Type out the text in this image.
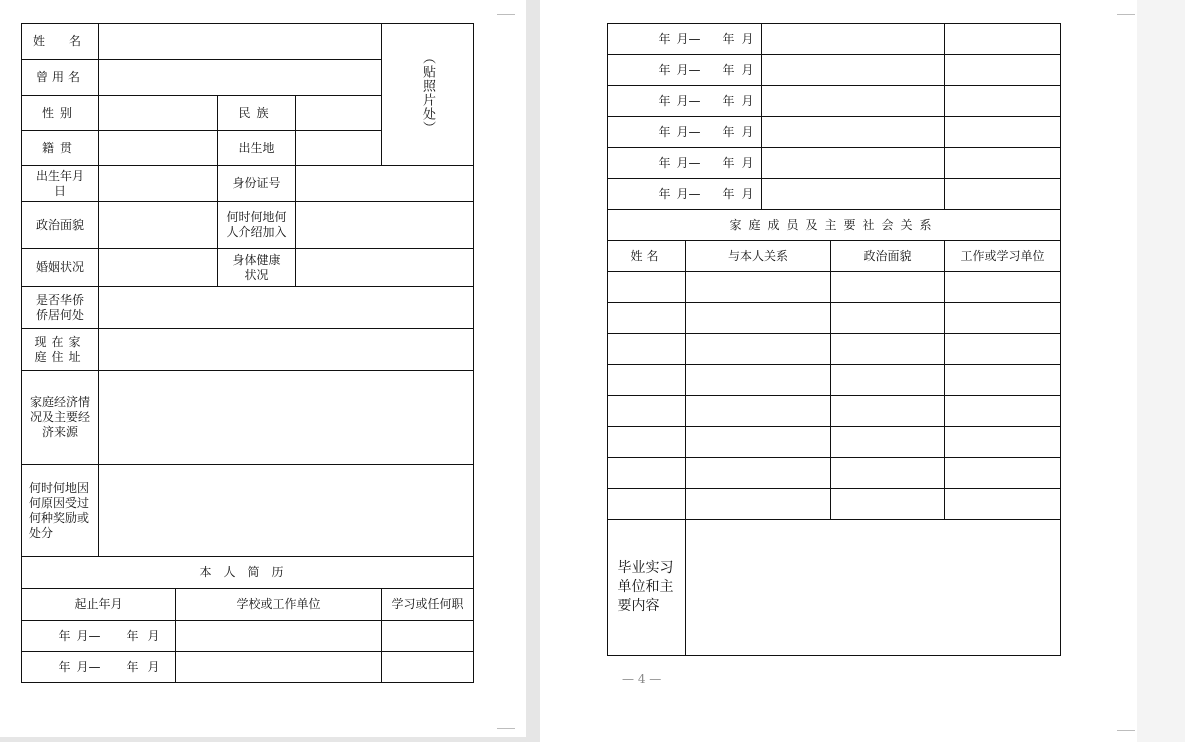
姓　名					（贴照片处）
曾用名					
性别			民族		
籍贯			出生地		

出生年月日			身份证号		
政治面貌			何时何地何人介绍加入		

婚姻状况			身体健康状况		

是否华侨侨居何处					

现在家庭住址					

家庭经济情况及主要经济来源					

何时何地因何原因受过何种奖励或处分					

本人简历					
起止年月		学校或工作单位			学习或任何职

年 月— 年 月					

年 月— 年 月					

年 月— 年 月				

年 月— 年 月				

年 月— 年 月				

年 月— 年 月				

年 月— 年 月				

年 月— 年 月				

家庭成员及主要社会关系				
姓名	与本人关系		政治面貌	工作或学习单位

毕业实习单位和主要内容				

— 4 —
